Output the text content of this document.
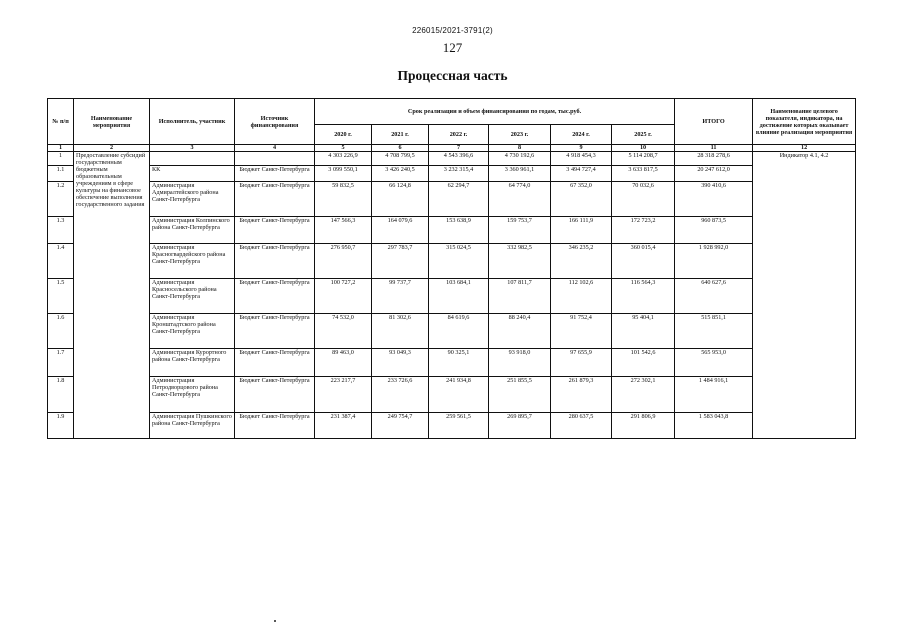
226015/2021-3791(2)
127
Процессная часть
№ п/п	Наименование мероприятия	Исполнитель, участник	Источник финансирования	Срок реализации и объем финансирования по годам, тыс.руб.						ИТОГО	Наименование целевого показателя, индикатора, на достижение которых оказывает влияние реализация мероприятия
				2020 г.	2021 г.	2022 г.	2023 г.	2024 г.	2025 г.		
1	2	3	4	5	6	7	8	9	10	11	12
1	Предоставление субсидий государственным бюджетным образовательным учреждениям в сфере культуры на финансовое обеспечение выполнения государственного задания			4 303 226,9	4 708 799,5	4 543 396,6	4 730 192,6	4 918 454,3	5 114 208,7	28 318 278,6	Индикатор 4.1, 4.2
1.1		КК	Бюджет Санкт-Петербурга	3 099 550,1	3 426 240,5	3 232 315,4	3 360 961,1	3 494 727,4	3 633 817,5	20 247 612,0	
1.2		Администрация Адмиралтейского района Санкт-Петербурга	Бюджет Санкт-Петербурга	59 832,5	66 124,8	62 294,7	64 774,0	67 352,0	70 032,6	390 410,6	
1.3		Администрация Колпинского района Санкт-Петербурга	Бюджет Санкт-Петербурга	147 566,3	164 079,6	153 638,9	159 753,7	166 111,9	172 723,2	960 873,5	
1.4		Администрация Красногвардейского района Санкт-Петербурга	Бюджет Санкт-Петербурга	276 950,7	297 783,7	315 024,5	332 982,5	346 235,2	360 015,4	1 928 992,0	
1.5		Администрация Красносельского района Санкт-Петербурга	Бюджет Санкт-Петербурга	100 727,2	99 737,7	103 684,1	107 811,7	112 102,6	116 564,3	640 627,6	
1.6		Администрация Кронштадтского района Санкт-Петербурга	Бюджет Санкт-Петербурга	74 532,0	81 302,6	84 619,6	88 240,4	91 752,4	95 404,1	515 851,1	
1.7		Администрация Курортного района Санкт-Петербурга	Бюджет Санкт-Петербурга	89 463,0	93 049,3	90 325,1	93 918,0	97 655,9	101 542,6	565 953,0	
1.8		Администрация Петродворцового района Санкт-Петербурга	Бюджет Санкт-Петербурга	223 217,7	233 726,6	241 934,8	251 855,5	261 879,3	272 302,1	1 484 916,1	
1.9		Администрация Пушкинского района Санкт-Петербурга	Бюджет Санкт-Петербурга	231 387,4	249 754,7	259 561,5	269 895,7	280 637,5	291 806,9	1 583 043,8	
